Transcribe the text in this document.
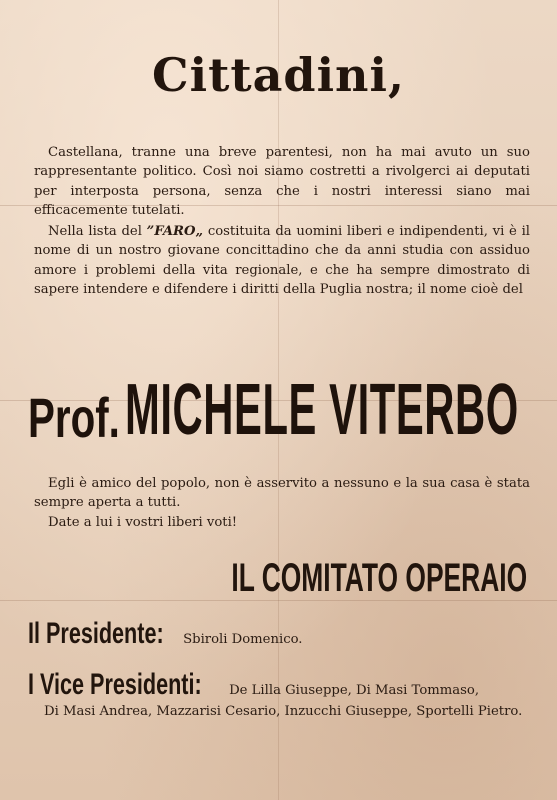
Cittadini,

Castellana, tranne una breve parentesi, non ha mai avuto un suo rappresentante politico. Così noi siamo costretti a rivolgerci ai deputati per interposta persona, senza che i nostri interessi siano mai efficacemente tutelati.

Nella lista del ”FARO„ costituita da uomini liberi e indipendenti, vi è il nome di un nostro giovane concittadino che da anni studia con assiduo amore i problemi della vita regionale, e che ha sempre dimostrato di sapere intendere e difendere i diritti della Puglia nostra; il nome cioè del

Prof. MICHELE VITERBO

Egli è amico del popolo, non è asservito a nessuno e la sua casa è stata sempre aperta a tutti.

Date a lui i vostri liberi voti!

IL COMITATO OPERAIO
Il Presidente: Sbiroli Domenico.
I Vice Presidenti: De Lilla Giuseppe, Di Masi Tommaso,
Di Masi Andrea, Mazzarisi Cesario, Inzucchi Giuseppe, Sportelli Pietro.
